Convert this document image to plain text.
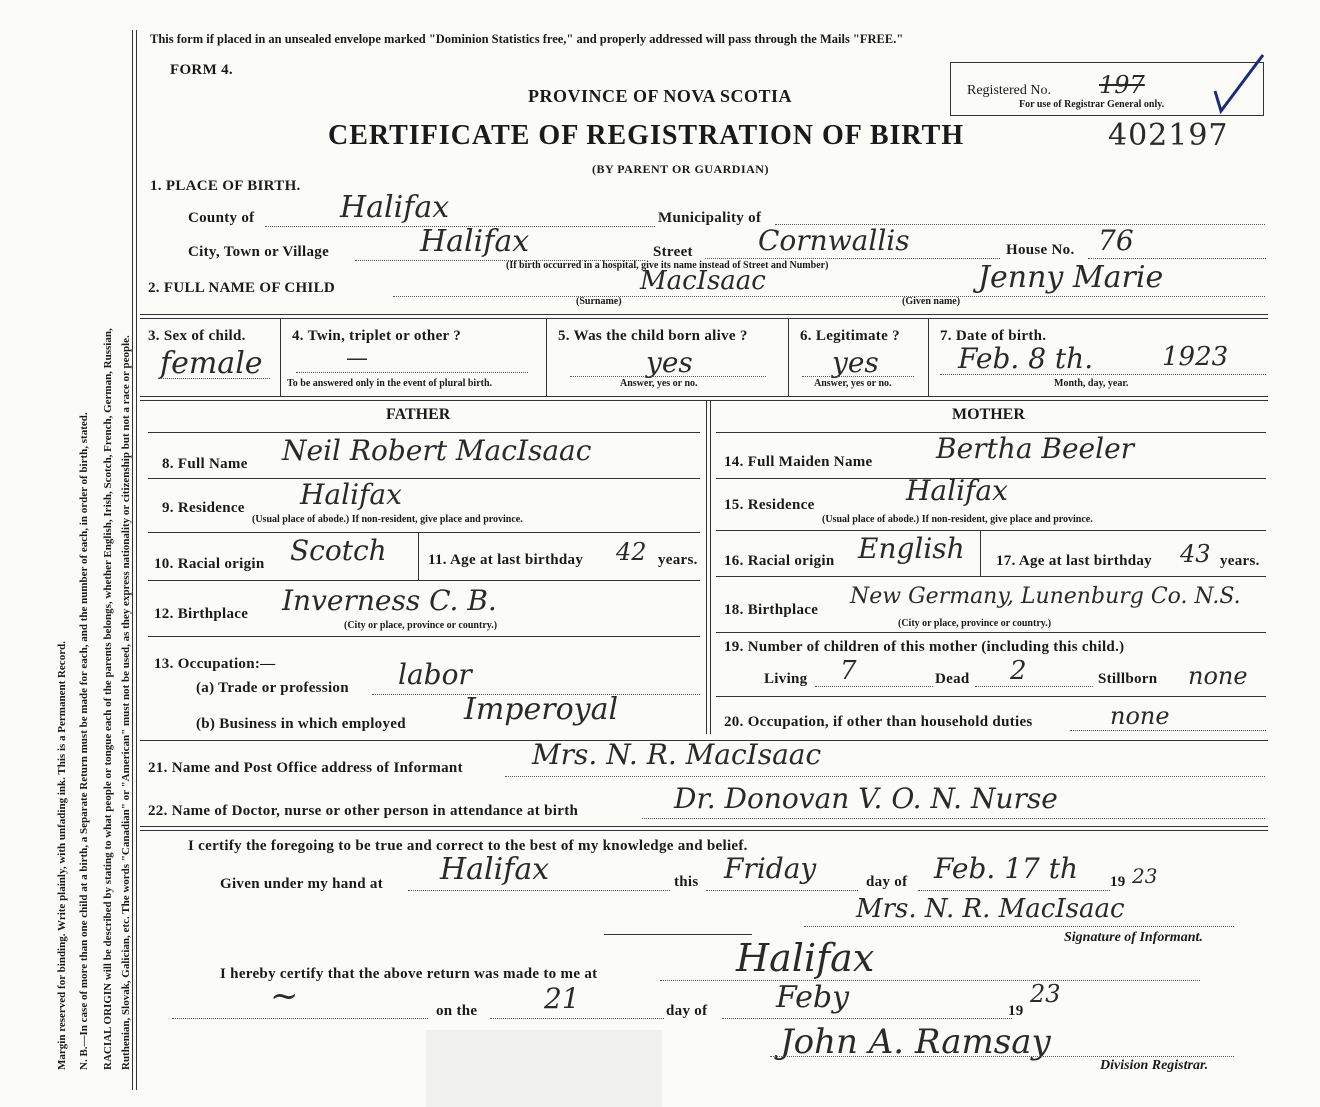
Margin reserved for binding. Write plainly, with unfading ink. This is a Permanent Record. N. B.—In case of more than one child at a birth, a Separate Return must be made for each, and the number of each, in order of birth, stated. RACIAL ORIGIN will be described by stating to what people or tongue each of the parents belongs, whether English, Irish, Scotch, French, German, Russian, Ruthenian, Slovak, Galician, etc. The words "Canadian" or "American" must not be used, as they express nationality or citizenship but not a race or people.
This form if placed in an unsealed envelope marked "Dominion Statistics free," and properly addressed will pass through the Mails "FREE."
FORM 4.
PROVINCE OF NOVA SCOTIA
CERTIFICATE OF REGISTRATION OF BIRTH
(BY PARENT OR GUARDIAN)
402197
Registered No. 197
For use of Registrar General only.
1. PLACE OF BIRTH.
County of	Halifax	Municipality of
City, Town or Village	Halifax	Street Cornwallis	House No. 76
(If birth occurred in a hospital, give its name instead of Street and Number)
2. FULL NAME OF CHILD	MacIsaac
(Surname)
Jenny Marie
(Given name)
3. Sex of child.
female
4. Twin, triplet or other ?
—
To be answered only in the event of plural birth.
5. Was the child born alive ?
yes
Answer, yes or no.
6. Legitimate ?
yes
Answer, yes or no.
7. Date of birth.
Feb. 8 th.	1923
Month, day, year.
FATHER	MOTHER
8. Full Name Neil Robert MacIsaac
9. Residence Halifax
(Usual place of abode.) If non-resident, give place and province.
10. Racial origin Scotch	11. Age at last birthday 42 years.
12. Birthplace Inverness C. B.
(City or place, province or country.)
13. Occupation:—
(a) Trade or profession labor
(b) Business in which employed Imperoyal
14. Full Maiden Name Bertha Beeler
15. Residence	Halifax
(Usual place of abode.) If non-resident, give place and province.
16. Racial origin English 17. Age at last birthday 43 years.
18. Birthplace
New Germany, Lunenburg Co. N.S.
(City or place, province or country.)
19. Number of children of this mother (including this child.)
Living 7	Dead 2	Stillborn none
20. Occupation, if other than household duties	none
21. Name and Post Office address of Informant Mrs. N. R. MacIsaac
22. Name of Doctor, nurse or other person in attendance at birth	Dr. Donovan V. O. N. Nurse
I certify the foregoing to be true and correct to the best of my knowledge and belief.
Given under my hand at Halifax	this Friday	day of Feb. 17 th 19 23
Mrs. N. R. MacIsaac
Signature of Informant.
I hereby certify that the above return was made to me at	Halifax
~	on the 21	day of Feby	19
23
John A. Ramsay
Division Registrar.
